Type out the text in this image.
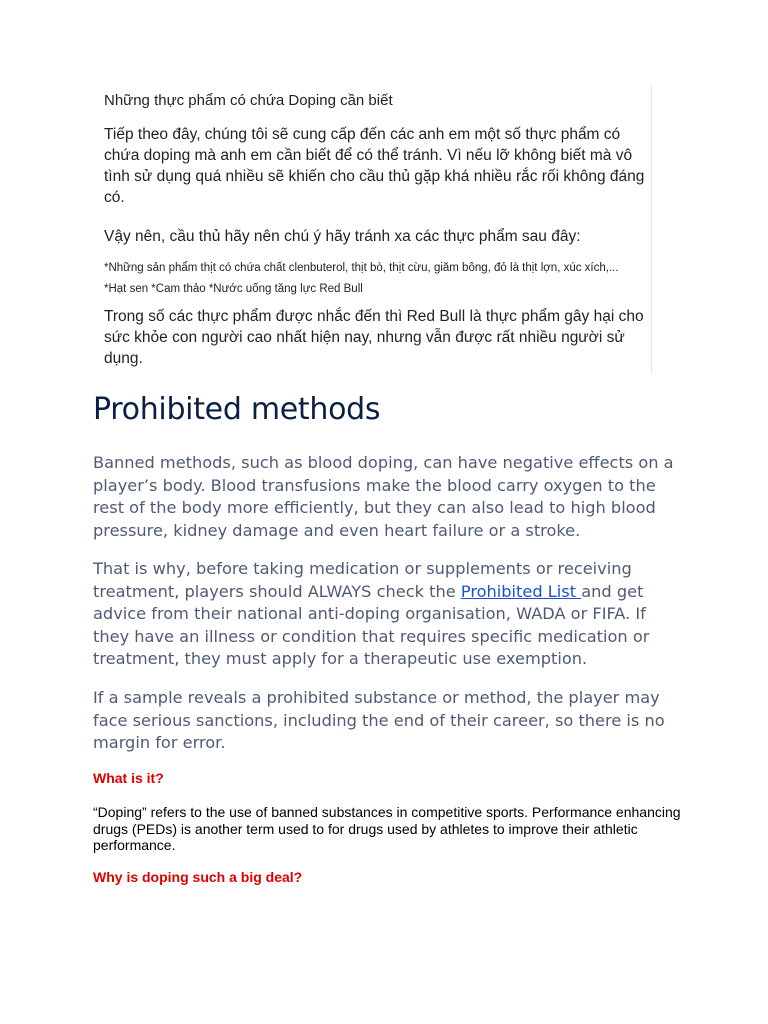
Những thực phẩm có chứa Doping cần biết
Tiếp theo đây, chúng tôi sẽ cung cấp đến các anh em một số thực phẩm có chứa doping mà anh em cần biết để có thể tránh. Vì nếu lỡ không biết mà vô tình sử dụng quá nhiều sẽ khiến cho cầu thủ gặp khá nhiều rắc rối không đáng có.
Vậy nên, cầu thủ hãy nên chú ý hãy tránh xa các thực phẩm sau đây:
*Những sản phẩm thịt có chứa chất clenbuterol, thịt bò, thịt cừu, giăm bông, đỏ là thịt lợn, xúc xích,... *Hạt sen *Cam thảo *Nước uống tăng lực Red Bull
Trong số các thực phẩm được nhắc đến thì Red Bull là thực phẩm gây hại cho sức khỏe con người cao nhất hiện nay, nhưng vẫn được rất nhiều người sử dụng.
Prohibited methods

Banned methods, such as blood doping, can have negative effects on a player’s body. Blood transfusions make the blood carry oxygen to the rest of the body more efficiently, but they can also lead to high blood pressure, kidney damage and even heart failure or a stroke.

That is why, before taking medication or supplements or receiving treatment, players should ALWAYS check the Prohibited List and get advice from their national anti-doping organisation, WADA or FIFA. If they have an illness or condition that requires specific medication or treatment, they must apply for a therapeutic use exemption.

If a sample reveals a prohibited substance or method, the player may face serious sanctions, including the end of their career, so there is no margin for error.

What is it?

“Doping” refers to the use of banned substances in competitive sports. Performance enhancing drugs (PEDs) is another term used to for drugs used by athletes to improve their athletic performance.

Why is doping such a big deal?
